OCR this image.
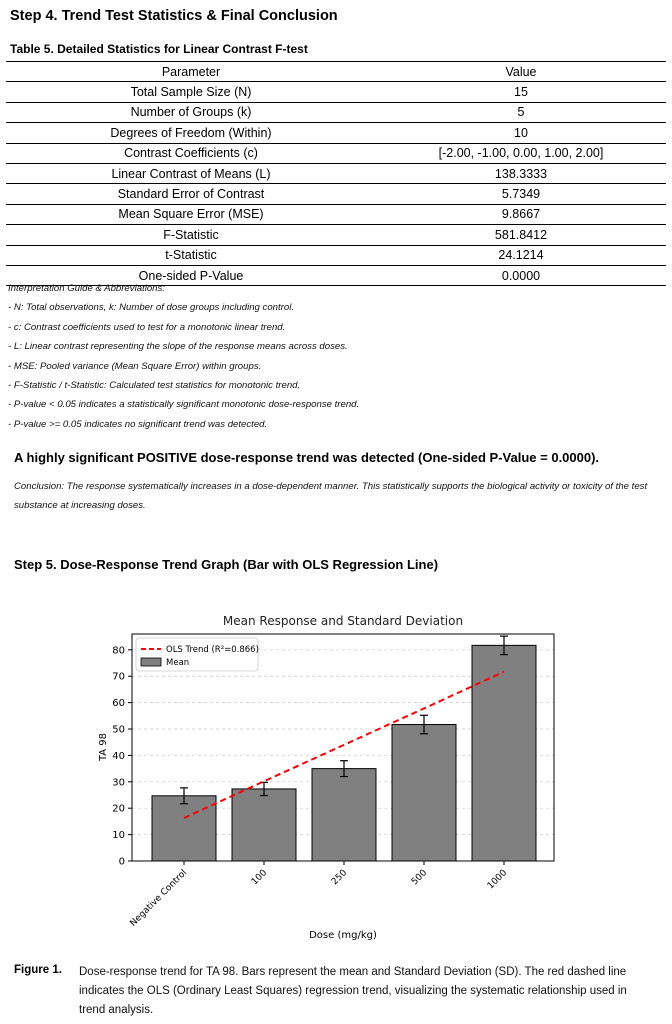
Step 4. Trend Test Statistics & Final Conclusion
Table 5. Detailed Statistics for Linear Contrast F-test
Parameter	Value
Total Sample Size (N)	15
Number of Groups (k)	5
Degrees of Freedom (Within)	10
Contrast Coefficients (c)	[-2.00, -1.00, 0.00, 1.00, 2.00]
Linear Contrast of Means (L)	138.3333
Standard Error of Contrast	5.7349
Mean Square Error (MSE)	9.8667
F-Statistic	581.8412
t-Statistic	24.1214
One-sided P-Value	0.0000
Interpretation Guide & Abbreviations:
- N: Total observations, k: Number of dose groups including control.
- c: Contrast coefficients used to test for a monotonic linear trend.
- L: Linear contrast representing the slope of the response means across doses.
- MSE: Pooled variance (Mean Square Error) within groups.
- F-Statistic / t-Statistic: Calculated test statistics for monotonic trend.
- P-value < 0.05 indicates a statistically significant monotonic dose-response trend.
- P-value >= 0.05 indicates no significant trend was detected.
A highly significant POSITIVE dose-response trend was detected (One-sided P-Value = 0.0000).
Conclusion: The response systematically increases in a dose-dependent manner. This statistically supports the biological activity or toxicity of the test substance at increasing doses.
Step 5. Dose-Response Trend Graph (Bar with OLS Regression Line)
Mean Response and Standard Deviation
0
10
20
30
40
50
60
70
80
Negative Control	100	250	500	1000
TA 98
Dose (mg/kg)
OLS Trend (R²=0.866)
Mean
Figure 1. Dose-response trend for TA 98. Bars represent the mean and Standard Deviation (SD). The red dashed line indicates the OLS (Ordinary Least Squares) regression trend, visualizing the systematic relationship used in trend analysis.
